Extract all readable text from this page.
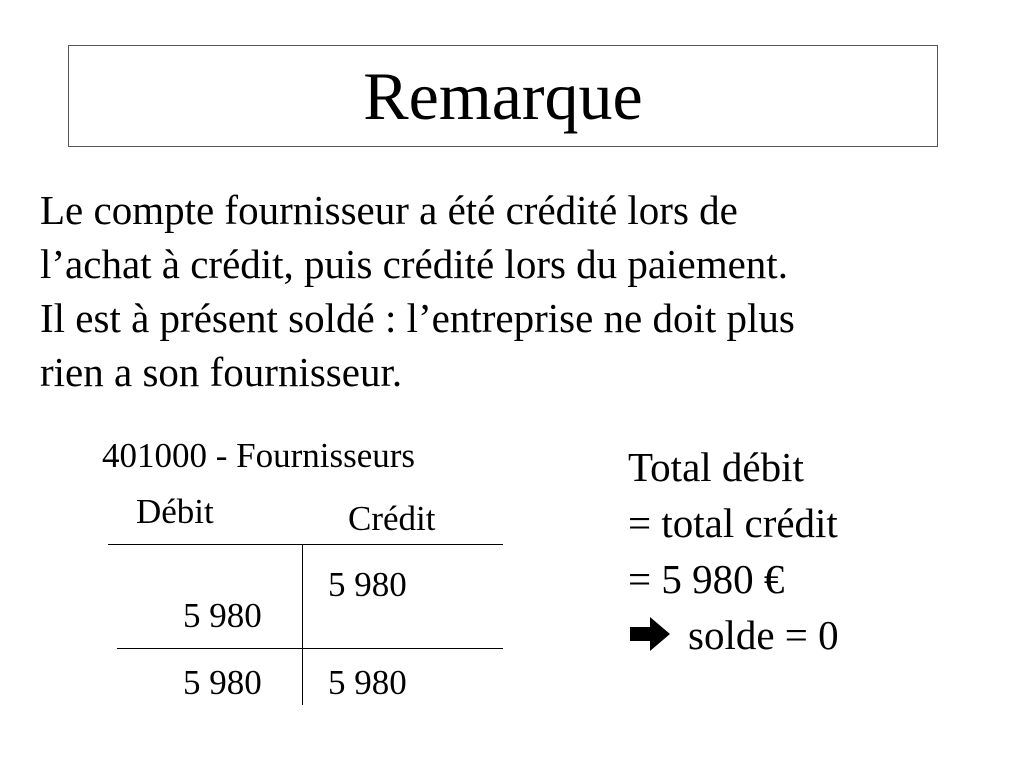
Remarque
Le compte fournisseur a été crédité lors de
l’achat à crédit, puis crédité lors du paiement.
Il est à présent soldé : l’entreprise ne doit plus
rien a son fournisseur.
401000 - Fournisseurs
Débit	Crédit
5 980
5 980
5 980 5 980
Total débit
= total crédit
= 5 980 €
solde = 0
